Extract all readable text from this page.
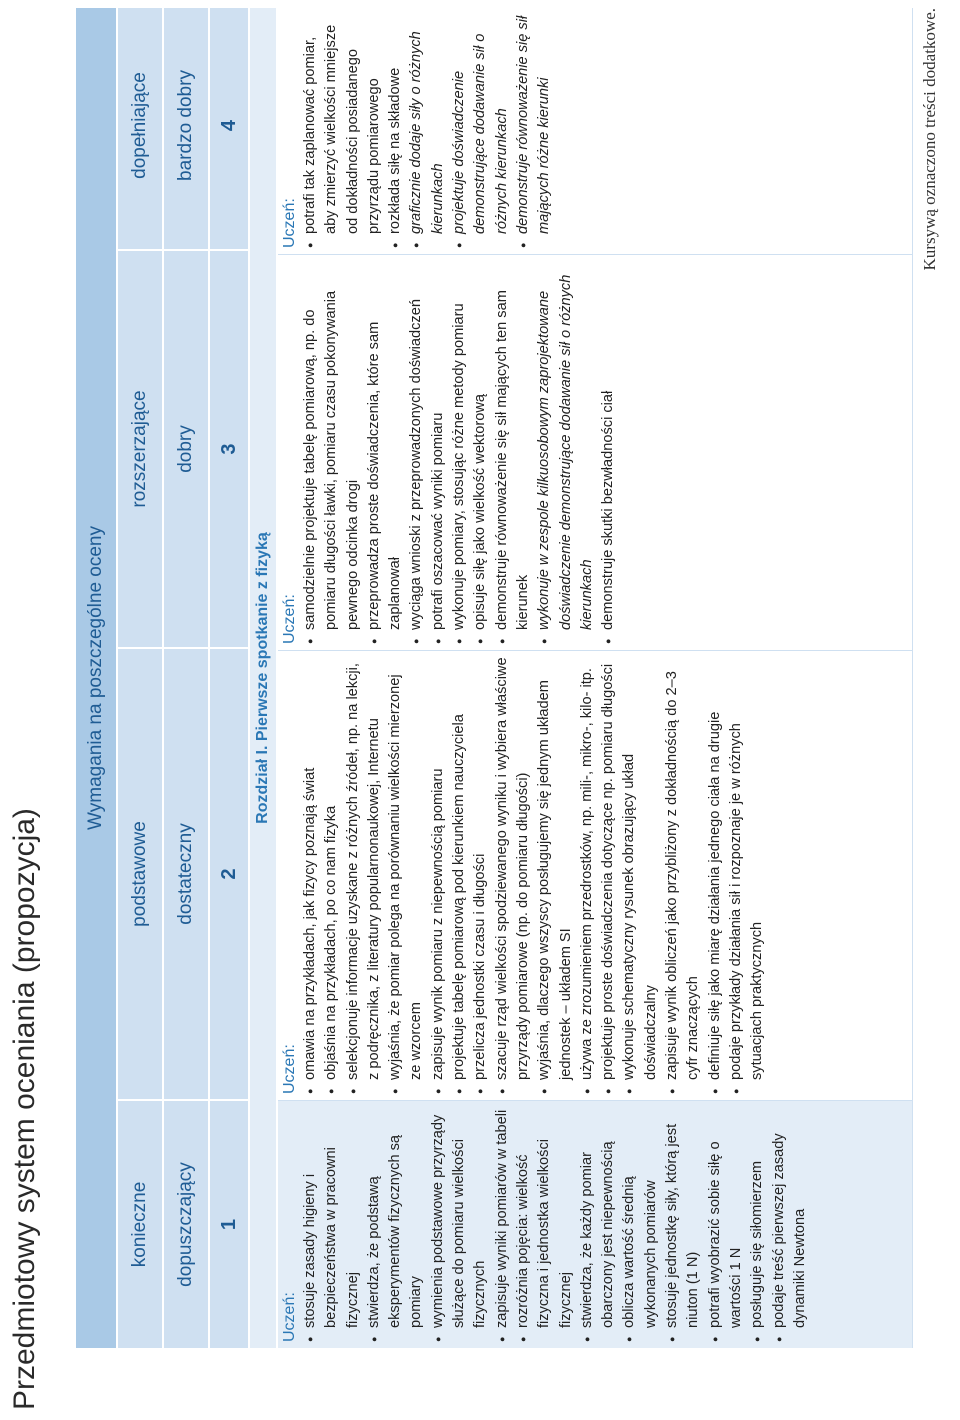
Przedmiotowy system oceniania (propozycja)
Wymagania na poszczególne oceny
konieczne
podstawowe
rozszerzające
dopełniające
dopuszczający
dostateczny
dobry
bardzo dobry
1
2
3
4
Rozdział I. Pierwsze spotkanie z fizyką
Uczeń: ● stosuje zasady higieny i bezpieczeństwa w pracowni fizycznej ● stwierdza, że podstawą eksperymentów fizycznych są pomiary ● wymienia podstawowe przyrządy służące do pomiaru wielkości fizycznych ● zapisuje wyniki pomiarów w tabeli ● rozróżnia pojęcia: wielkość fizyczna i jednostka wielkości fizycznej ● stwierdza, że każdy pomiar obarczony jest niepewnością ● oblicza wartość średnią wykonanych pomiarów ● stosuje jednostkę siły, którą jest niuton (1 N) ● potrafi wyobrazić sobie siłę o wartości 1 N ● posługuje się siłomierzem ● podaje treść pierwszej zasady dynamiki Newtona
Uczeń: ● omawia na przykładach, jak fizycy poznają świat ● objaśnia na przykładach, po co nam fizyka ● selekcjonuje informacje uzyskane z różnych źródeł, np. na lekcji, z podręcznika, z literatury popularnonaukowej, Internetu ● wyjaśnia, że pomiar polega na porównaniu wielkości mierzonej ze wzorcem ● zapisuje wynik pomiaru z niepewnością pomiaru ● projektuje tabelę pomiarową pod kierunkiem nauczyciela ● przelicza jednostki czasu i długości ● szacuje rząd wielkości spodziewanego wyniku i wybiera właściwe przyrządy pomiarowe (np. do pomiaru długości) ● wyjaśnia, dlaczego wszyscy posługujemy się jednym układem jednostek – układem SI ● używa ze zrozumieniem przedrostków, np. mili-, mikro-, kilo- itp. ● projektuje proste doświadczenia dotyczące np. pomiaru długości ● wykonuje schematyczny rysunek obrazujący układ doświadczalny ● zapisuje wynik obliczeń jako przybliżony z dokładnością do 2–3 cyfr znaczących ● definiuje siłę jako miarę działania jednego ciała na drugie ● podaje przykłady działania sił i rozpoznaje je w różnych sytuacjach praktycznych
Uczeń: ● samodzielnie projektuje tabelę pomiarową, np. do pomiaru długości ławki, pomiaru czasu pokonywania pewnego odcinka drogi ● przeprowadza proste doświadczenia, które sam zaplanował ● wyciąga wnioski z przeprowadzonych doświadczeń ● potrafi oszacować wyniki pomiaru ● wykonuje pomiary, stosując różne metody pomiaru ● opisuje siłę jako wielkość wektorową ● demonstruje równoważenie się sił mających ten sam kierunek ● wykonuje w zespole kilkuosobowym zaprojektowane doświadczenie demonstrujące dodawanie sił o różnych kierunkach ● demonstruje skutki bezwładności ciał
Uczeń: ● potrafi tak zaplanować pomiar, aby zmierzyć wielkości mniejsze od dokładności posiadanego przyrządu pomiarowego ● rozkłada siłę na składowe ● graficznie dodaje siły o różnych kierunkach ● projektuje doświadczenie demonstrujące dodawanie sił o różnych kierunkach ● demonstruje równoważenie się sił mających różne kierunki	Kursywą oznaczono treści dodatkowe.
